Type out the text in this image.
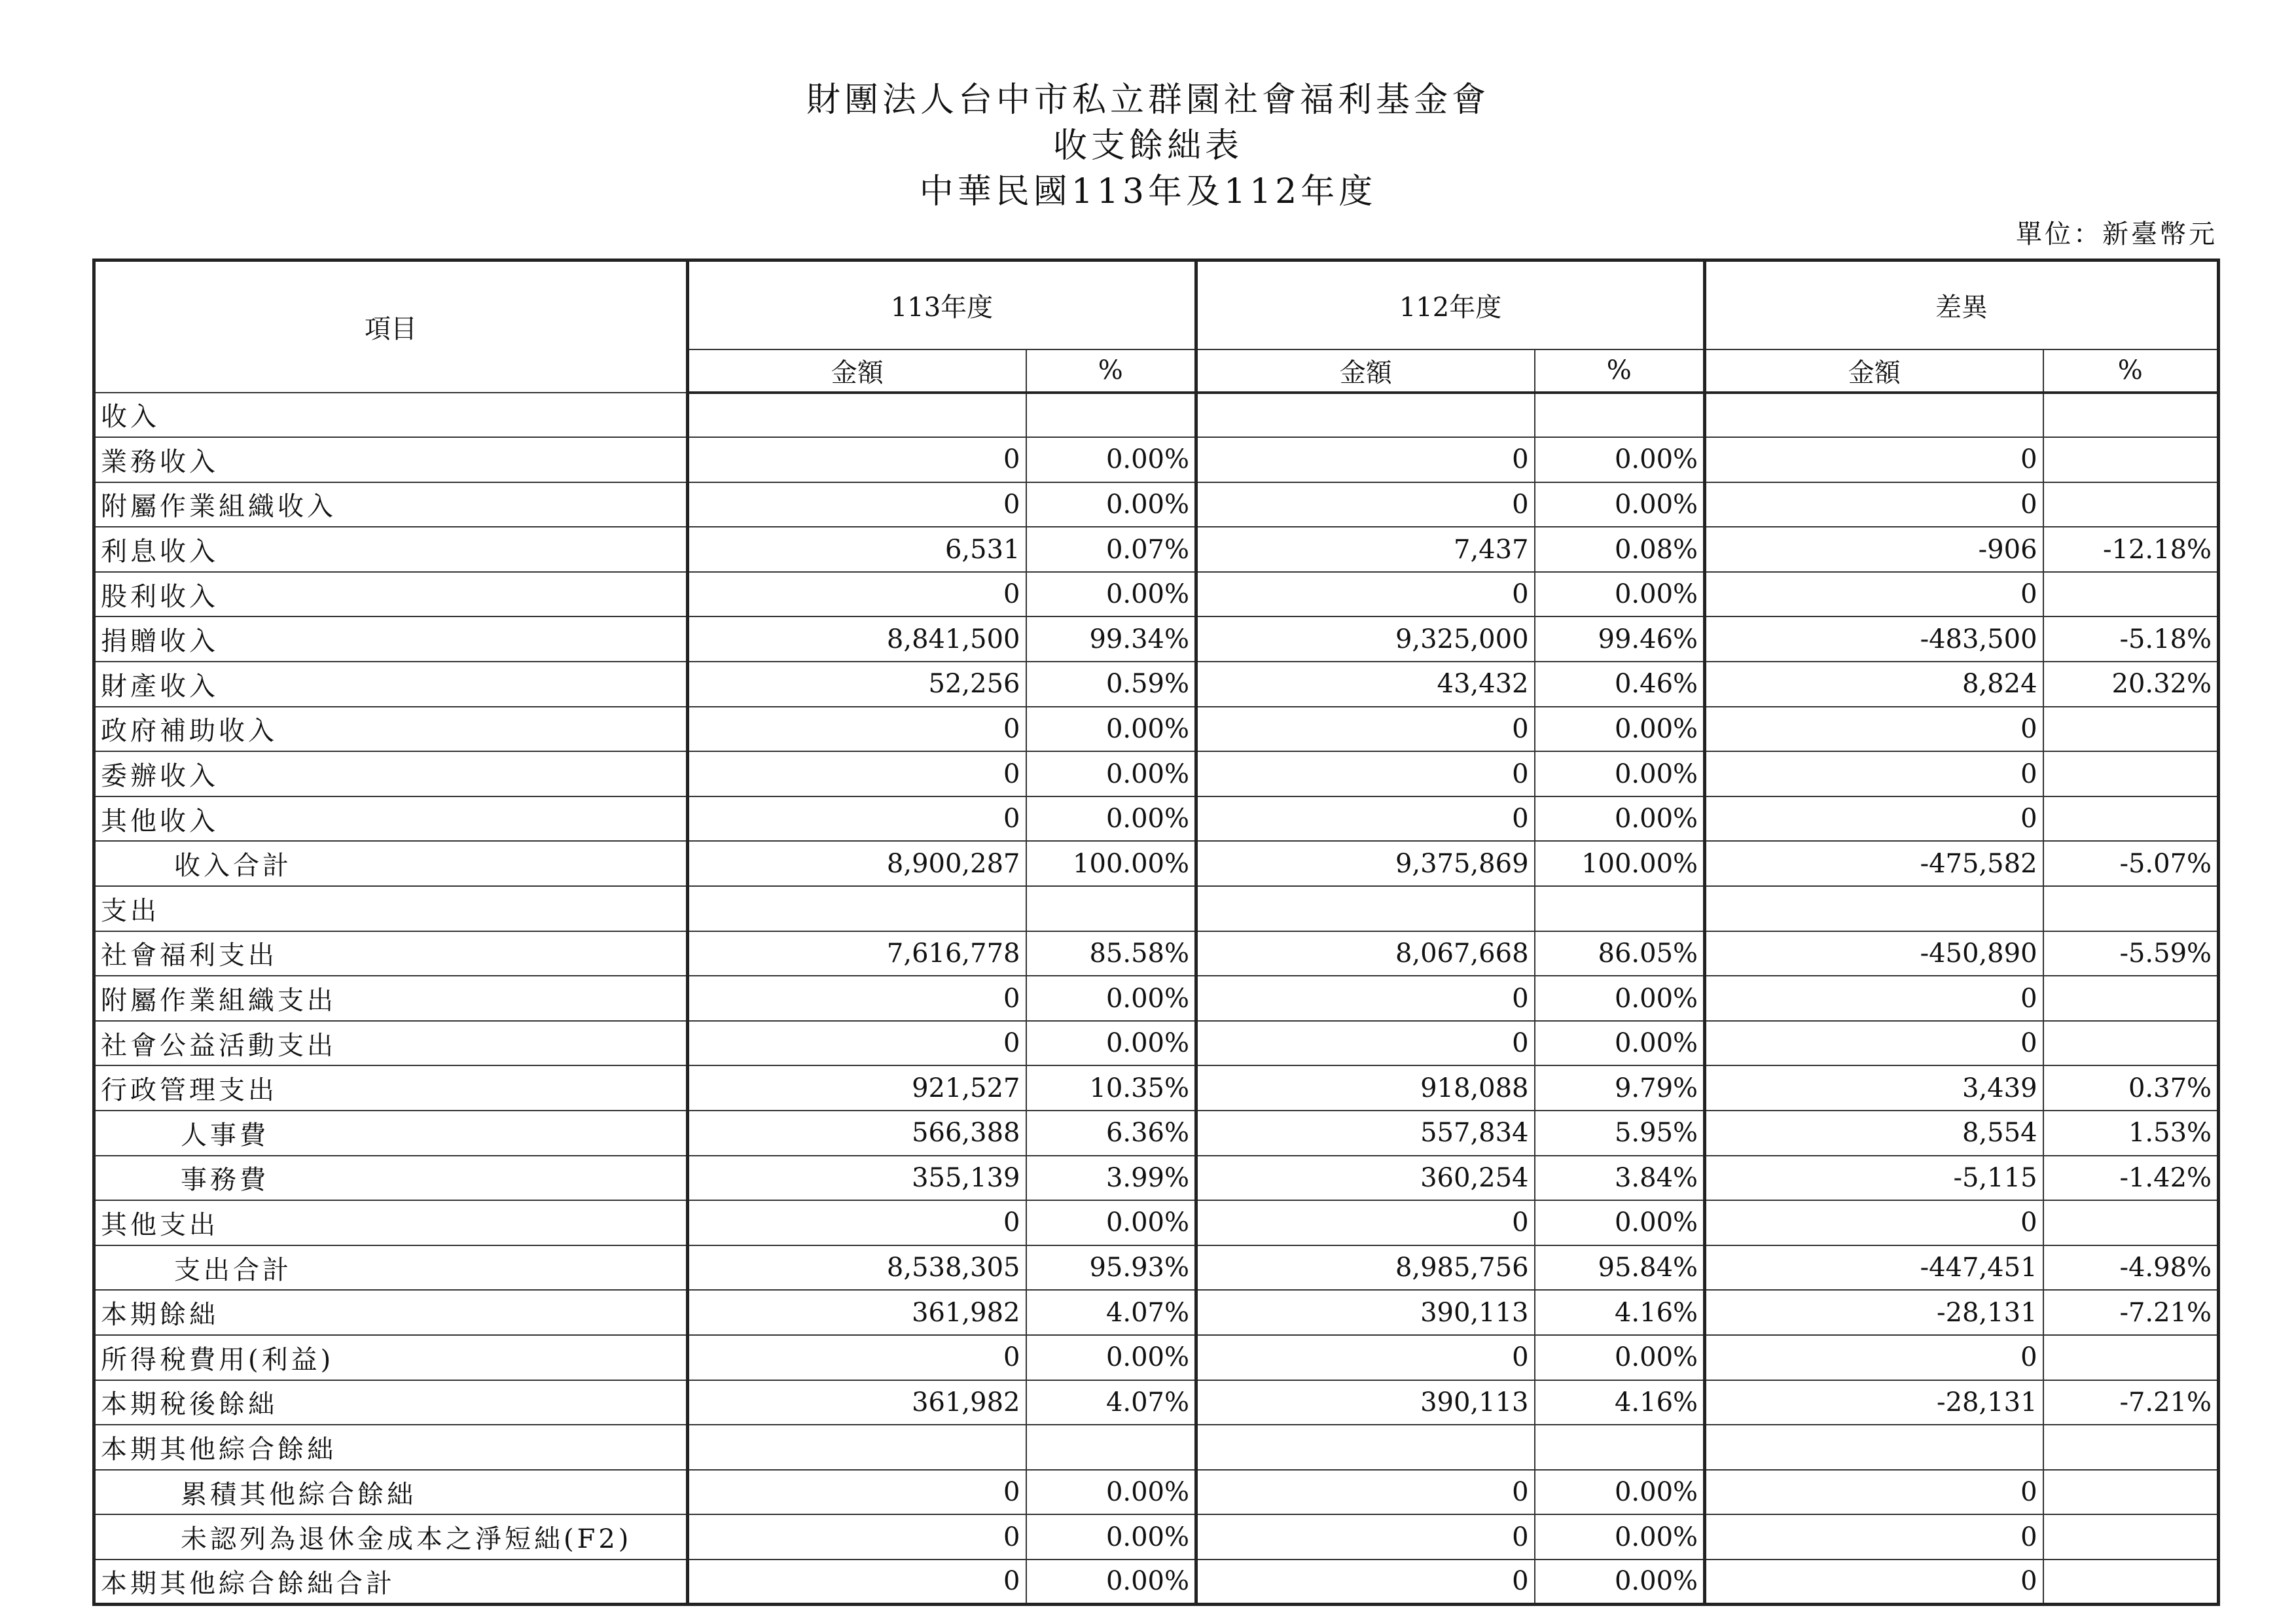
財團法人台中市私立群園社會福利基金會
收支餘絀表
中華民國113年及112年度
單位：新臺幣元
項目	113年度		112年度		差異	
	金額	%	金額	%	金額	%
收入						
業務收入	0	0.00%	0	0.00%	0	
附屬作業組織收入	0	0.00%	0	0.00%	0	
利息收入	6,531	0.07%	7,437	0.08%	-906	-12.18%
股利收入	0	0.00%	0	0.00%	0	
捐贈收入	8,841,500	99.34%	9,325,000	99.46%	-483,500	-5.18%
財產收入	52,256	0.59%	43,432	0.46%	8,824	20.32%
政府補助收入	0	0.00%	0	0.00%	0	
委辦收入	0	0.00%	0	0.00%	0	
其他收入	0	0.00%	0	0.00%	0	
收入合計	8,900,287	100.00%	9,375,869	100.00%	-475,582	-5.07%
支出						
社會福利支出	7,616,778	85.58%	8,067,668	86.05%	-450,890	-5.59%
附屬作業組織支出	0	0.00%	0	0.00%	0	
社會公益活動支出	0	0.00%	0	0.00%	0	
行政管理支出	921,527	10.35%	918,088	9.79%	3,439	0.37%
人事費	566,388	6.36%	557,834	5.95%	8,554	1.53%
事務費	355,139	3.99%	360,254	3.84%	-5,115	-1.42%
其他支出	0	0.00%	0	0.00%	0	
支出合計	8,538,305	95.93%	8,985,756	95.84%	-447,451	-4.98%
本期餘絀	361,982	4.07%	390,113	4.16%	-28,131	-7.21%
所得稅費用(利益)	0	0.00%	0	0.00%	0	
本期稅後餘絀	361,982	4.07%	390,113	4.16%	-28,131	-7.21%
本期其他綜合餘絀						
累積其他綜合餘絀	0	0.00%	0	0.00%	0	
未認列為退休金成本之淨短絀(F2)	0	0.00%	0	0.00%	0	
本期其他綜合餘絀合計	0	0.00%	0	0.00%	0	
